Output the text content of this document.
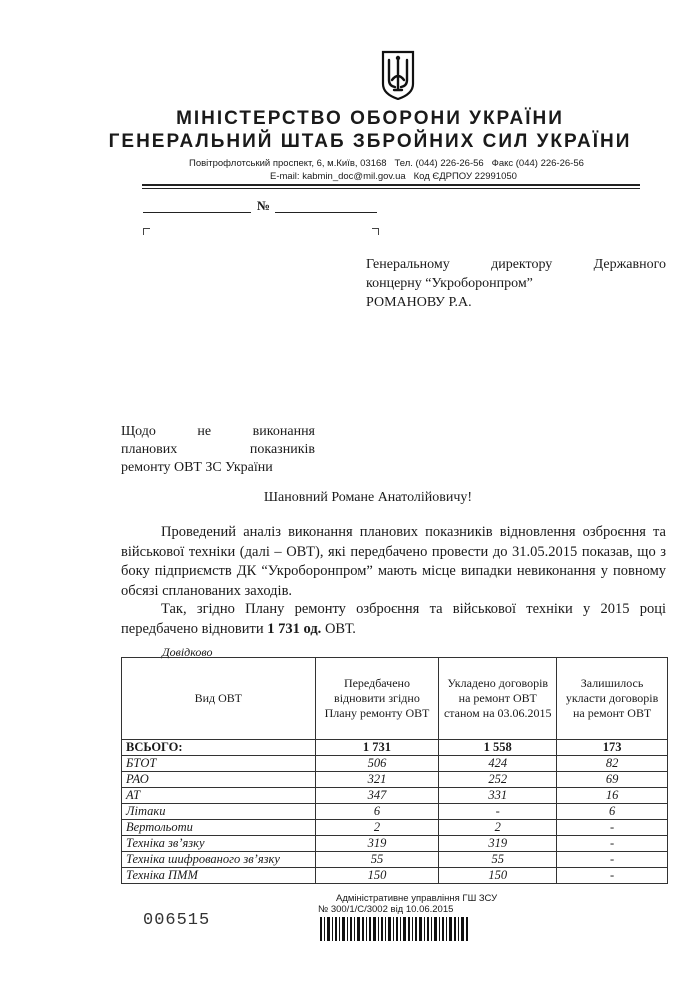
МІНІСТЕРСТВО ОБОРОНИ УКРАЇНИ
ГЕНЕРАЛЬНИЙ ШТАБ ЗБРОЙНИХ СИЛ УКРАЇНИ
Повітрофлотський проспект, 6, м.Київ, 03168 Тел. (044) 226-26-56 Факс (044) 226-26-56
E-mail: kabmin_doc@mil.gov.ua Код ЄДРПОУ 22991050
№
Генеральному директору Державного
концерну “Укроборонпром”
РОМАНОВУ Р.А.
Щодо не виконання
планових показників
ремонту ОВТ ЗС України
Шановний Романе Анатолійовичу!
Проведений аналіз виконання планових показників відновлення озброєння та військової техніки (далі – ОВТ), які передбачено провести до 31.05.2015 показав, що з боку підприємств ДК “Укроборонпром” мають місце випадки невиконання у повному обсязі спланованих заходів.
Так, згідно Плану ремонту озброєння та військової техніки у 2015 році передбачено відновити 1 731 од. ОВТ.
Довідково
Вид ОВТ	Передбачено відновити згідно Плану ремонту ОВТ	Укладено договорів на ремонт ОВТ станом на 03.06.2015	Залишилось укласти договорів на ремонт ОВТ
ВСЬОГО:	1 731	1 558	173
БТОТ	506	424	82
РАО	321	252	69
АТ	347	331	16
Літаки	6	-	6
Вертольоти	2	2	-
Техніка зв’язку	319	319	-
Техніка шифрованого зв’язку	55	55	-
Техніка ПММ	150	150	-
Адміністративне управління ГШ ЗСУ
№ 300/1/С/3002 від 10.06.2015
006515
